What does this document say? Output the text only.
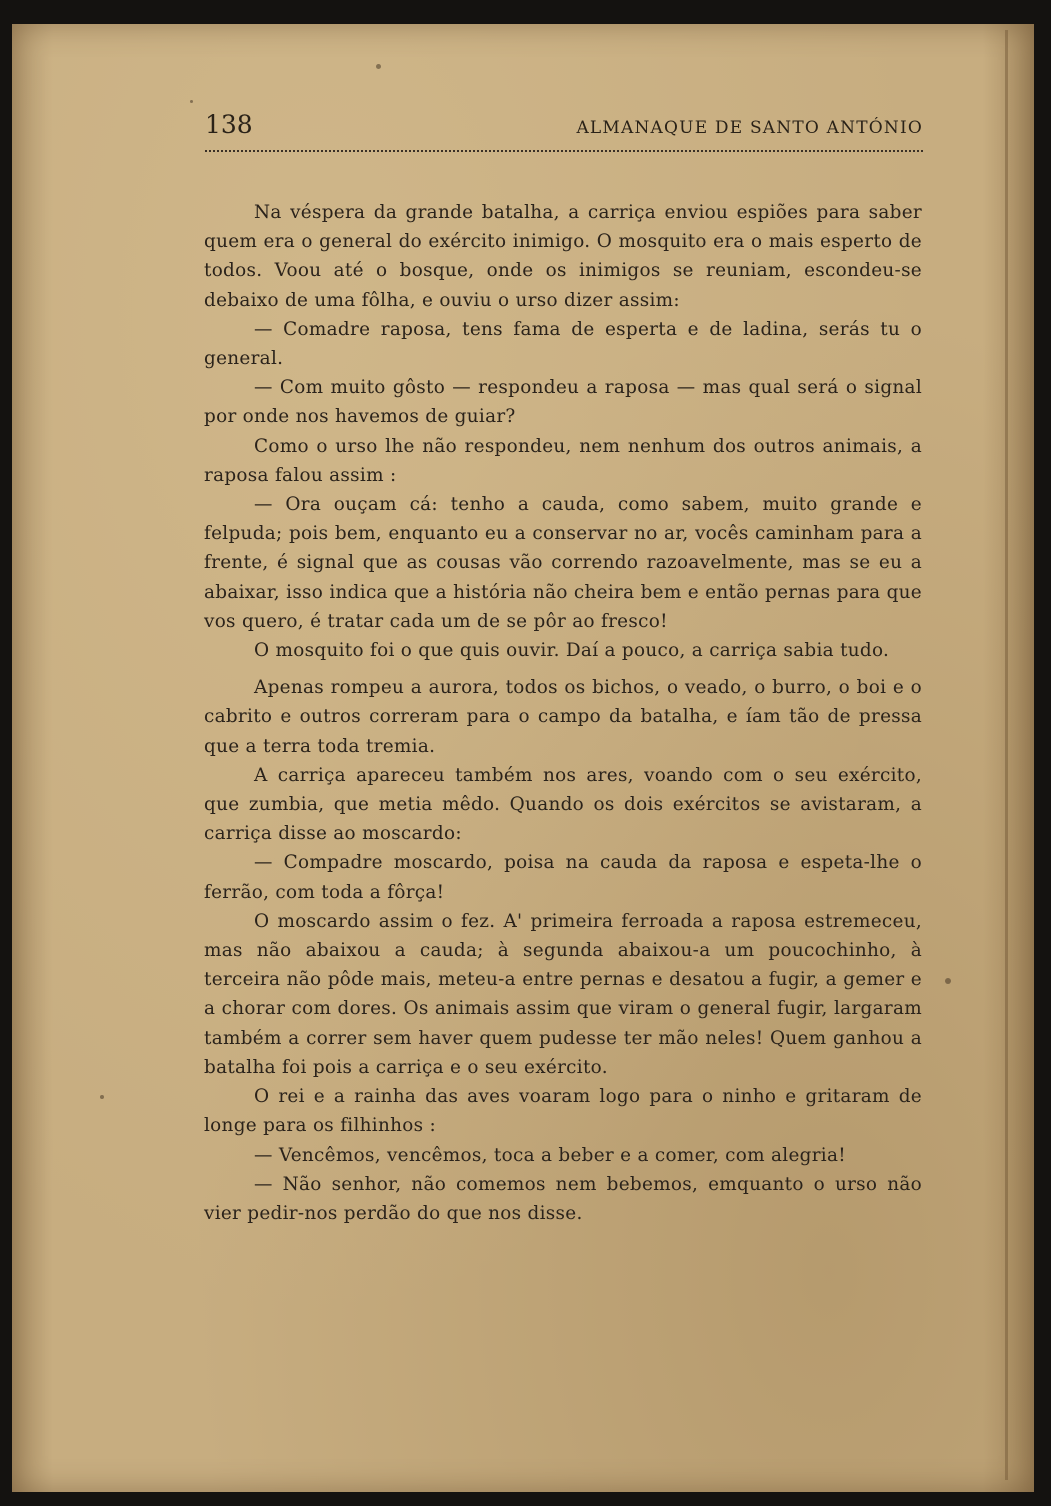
138	ALMANAQUE DE SANTO ANTÓNIO

Na véspera da grande batalha, a carriça enviou espiões para saber quem era o general do exército inimigo. O mosquito era o mais esperto de todos. Voou até o bosque, onde os inimigos se reuniam, escondeu-se debaixo de uma fôlha, e ouviu o urso dizer assim:

— Comadre raposa, tens fama de esperta e de ladina, serás tu o general.

— Com muito gôsto — respondeu a raposa — mas qual será o signal por onde nos havemos de guiar?

Como o urso lhe não respondeu, nem nenhum dos outros animais, a raposa falou assim :

— Ora ouçam cá: tenho a cauda, como sabem, muito grande e felpuda; pois bem, enquanto eu a conservar no ar, vocês caminham para a frente, é signal que as cousas vão correndo razoavelmente, mas se eu a abaixar, isso indica que a história não cheira bem e então pernas para que vos quero, é tratar cada um de se pôr ao fresco!

O mosquito foi o que quis ouvir. Daí a pouco, a carriça sabia tudo.

Apenas rompeu a aurora, todos os bichos, o veado, o burro, o boi e o cabrito e outros correram para o campo da batalha, e íam tão de pressa que a terra toda tremia.

A carriça apareceu também nos ares, voando com o seu exército, que zumbia, que metia mêdo. Quando os dois exércitos se avistaram, a carriça disse ao moscardo:

— Compadre moscardo, poisa na cauda da raposa e espeta-lhe o ferrão, com toda a fôrça!

O moscardo assim o fez. A' primeira ferroada a raposa estremeceu, mas não abaixou a cauda; à segunda abaixou-a um poucochinho, à terceira não pôde mais, meteu-a entre pernas e desatou a fugir, a gemer e a chorar com dores. Os animais assim que viram o general fugir, largaram também a correr sem haver quem pudesse ter mão neles! Quem ganhou a batalha foi pois a carriça e o seu exército.

O rei e a rainha das aves voaram logo para o ninho e gritaram de longe para os filhinhos :

— Vencêmos, vencêmos, toca a beber e a comer, com alegria!

— Não senhor, não comemos nem bebemos, emquanto o urso não vier pedir-nos perdão do que nos disse.
